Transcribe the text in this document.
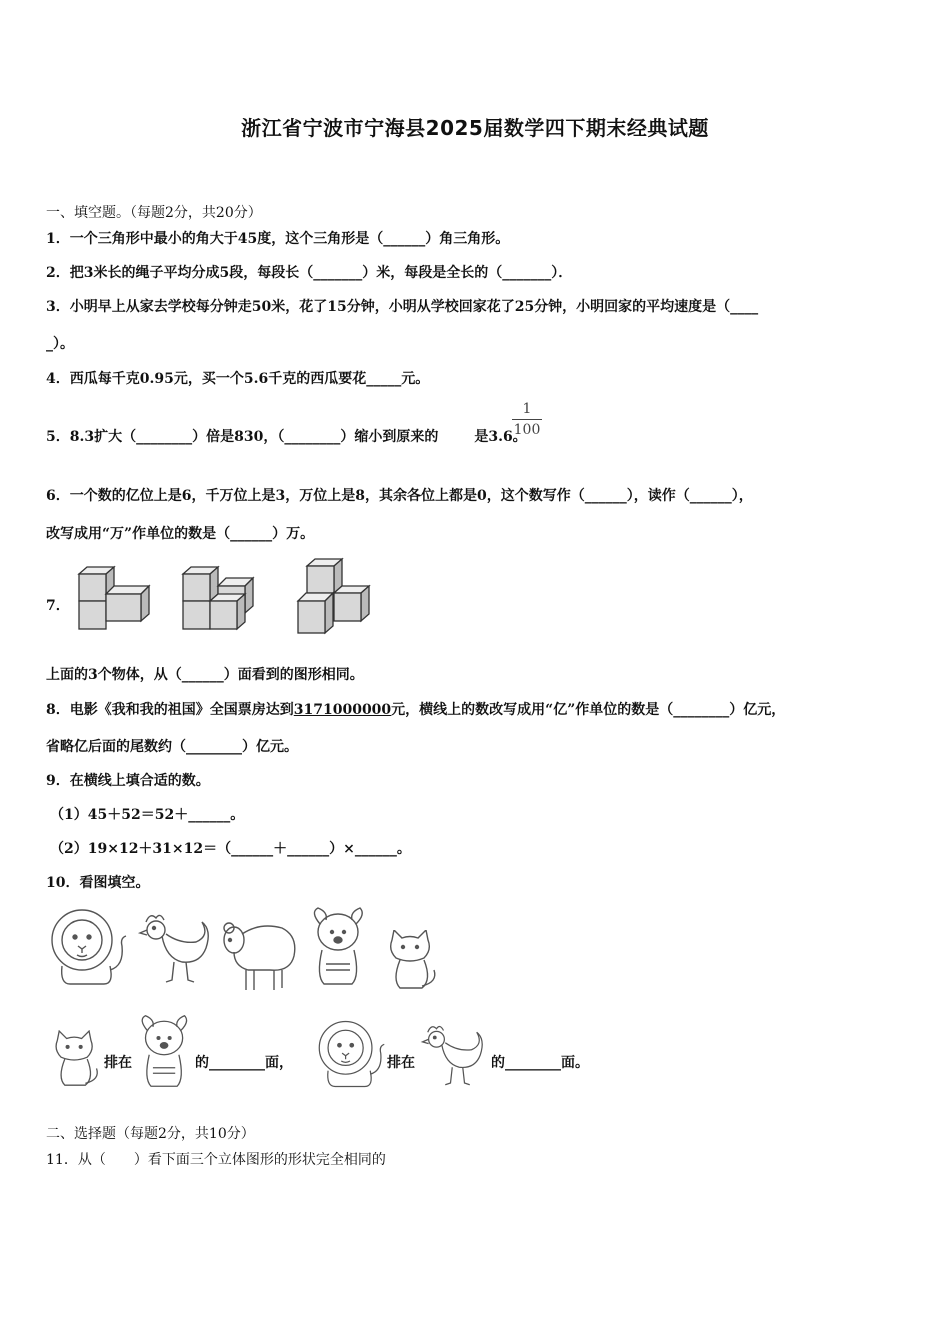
浙江省宁波市宁海县2025届数学四下期末经典试题
一、填空题。（每题2分，共20分）
1．一个三角形中最小的角大于45度，这个三角形是（______）角三角形。
2．把3米长的绳子平均分成5段，每段长（_______）米，每段是全长的（_______）．
3．小明早上从家去学校每分钟走50米，花了15分钟，小明从学校回家花了25分钟，小明回家的平均速度是（____
_）。
4．西瓜每千克0.95元，买一个5.6千克的西瓜要花_____元。
5．8.3扩大（________）倍是830，（________）缩小到原来的	是3.6。
1
100
6．一个数的亿位上是6，千万位上是3，万位上是8，其余各位上都是0，这个数写作（______），读作（______），
改写成用“万”作单位的数是（______）万。
7．
上面的3个物体，从（______）面看到的图形相同。
8．电影《我和我的祖国》全国票房达到3171000000元，横线上的数改写成用“亿”作单位的数是（________）亿元，
省略亿后面的尾数约（________）亿元。
9．在横线上填合适的数。
（1）45＋52＝52＋______。
（2）19×12＋31×12＝（______＋______）×______。
10．看图填空。
排在	的________面，	排在	的________面。
二、选择题（每题2分，共10分）
11．从（　　）看下面三个立体图形的形状完全相同的
